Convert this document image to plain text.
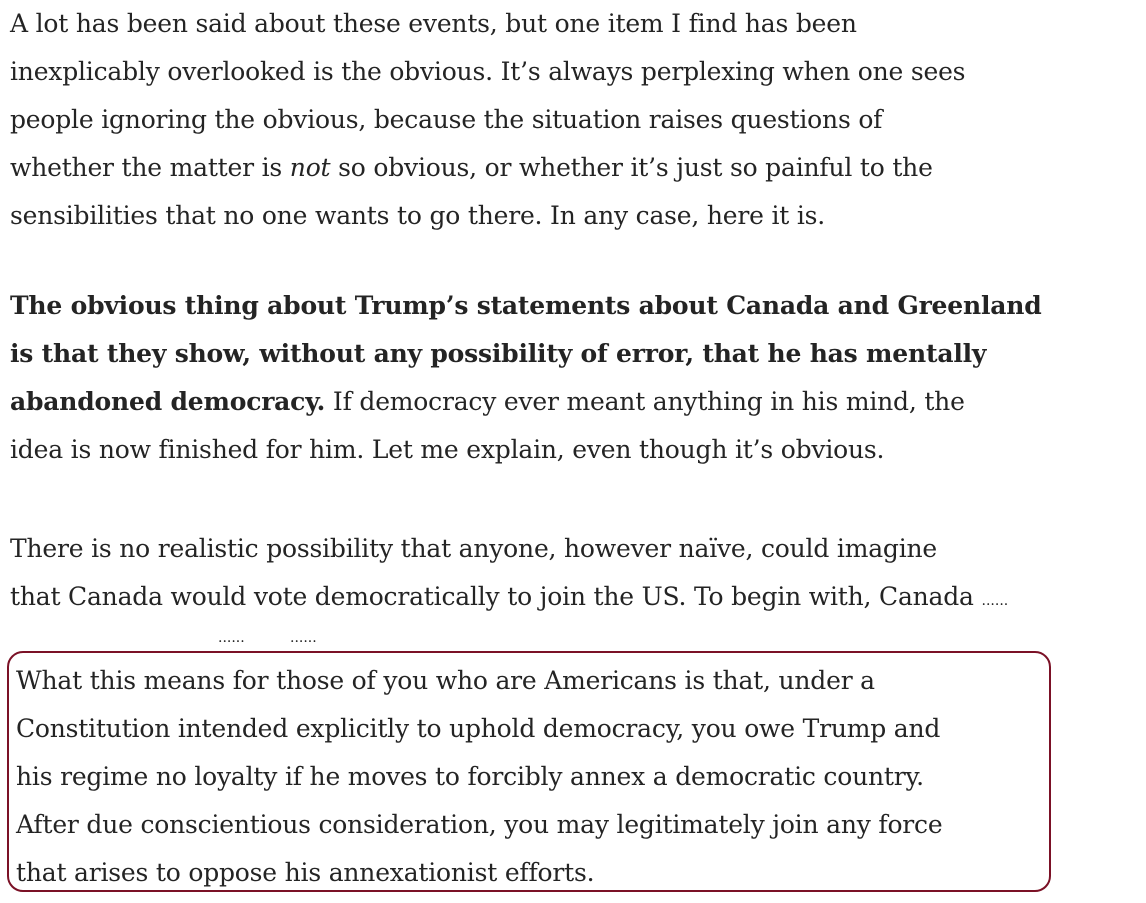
A lot has been said about these events, but one item I find has been
inexplicably overlooked is the obvious. It’s always perplexing when one sees
people ignoring the obvious, because the situation raises questions of
whether the matter is not so obvious, or whether it’s just so painful to the
sensibilities that no one wants to go there. In any case, here it is.

The obvious thing about Trump’s statements about Canada and Greenland
is that they show, without any possibility of error, that he has mentally
abandoned democracy. If democracy ever meant anything in his mind, the
idea is now finished for him. Let me explain, even though it’s obvious.

There is no realistic possibility that anyone, however naïve, could imagine
that Canada would vote democratically to join the US. To begin with, Canada ......

......	......

What this means for those of you who are Americans is that, under a
Constitution intended explicitly to uphold democracy, you owe Trump and
his regime no loyalty if he moves to forcibly annex a democratic country.
After due conscientious consideration, you may legitimately join any force
that arises to oppose his annexationist efforts.
